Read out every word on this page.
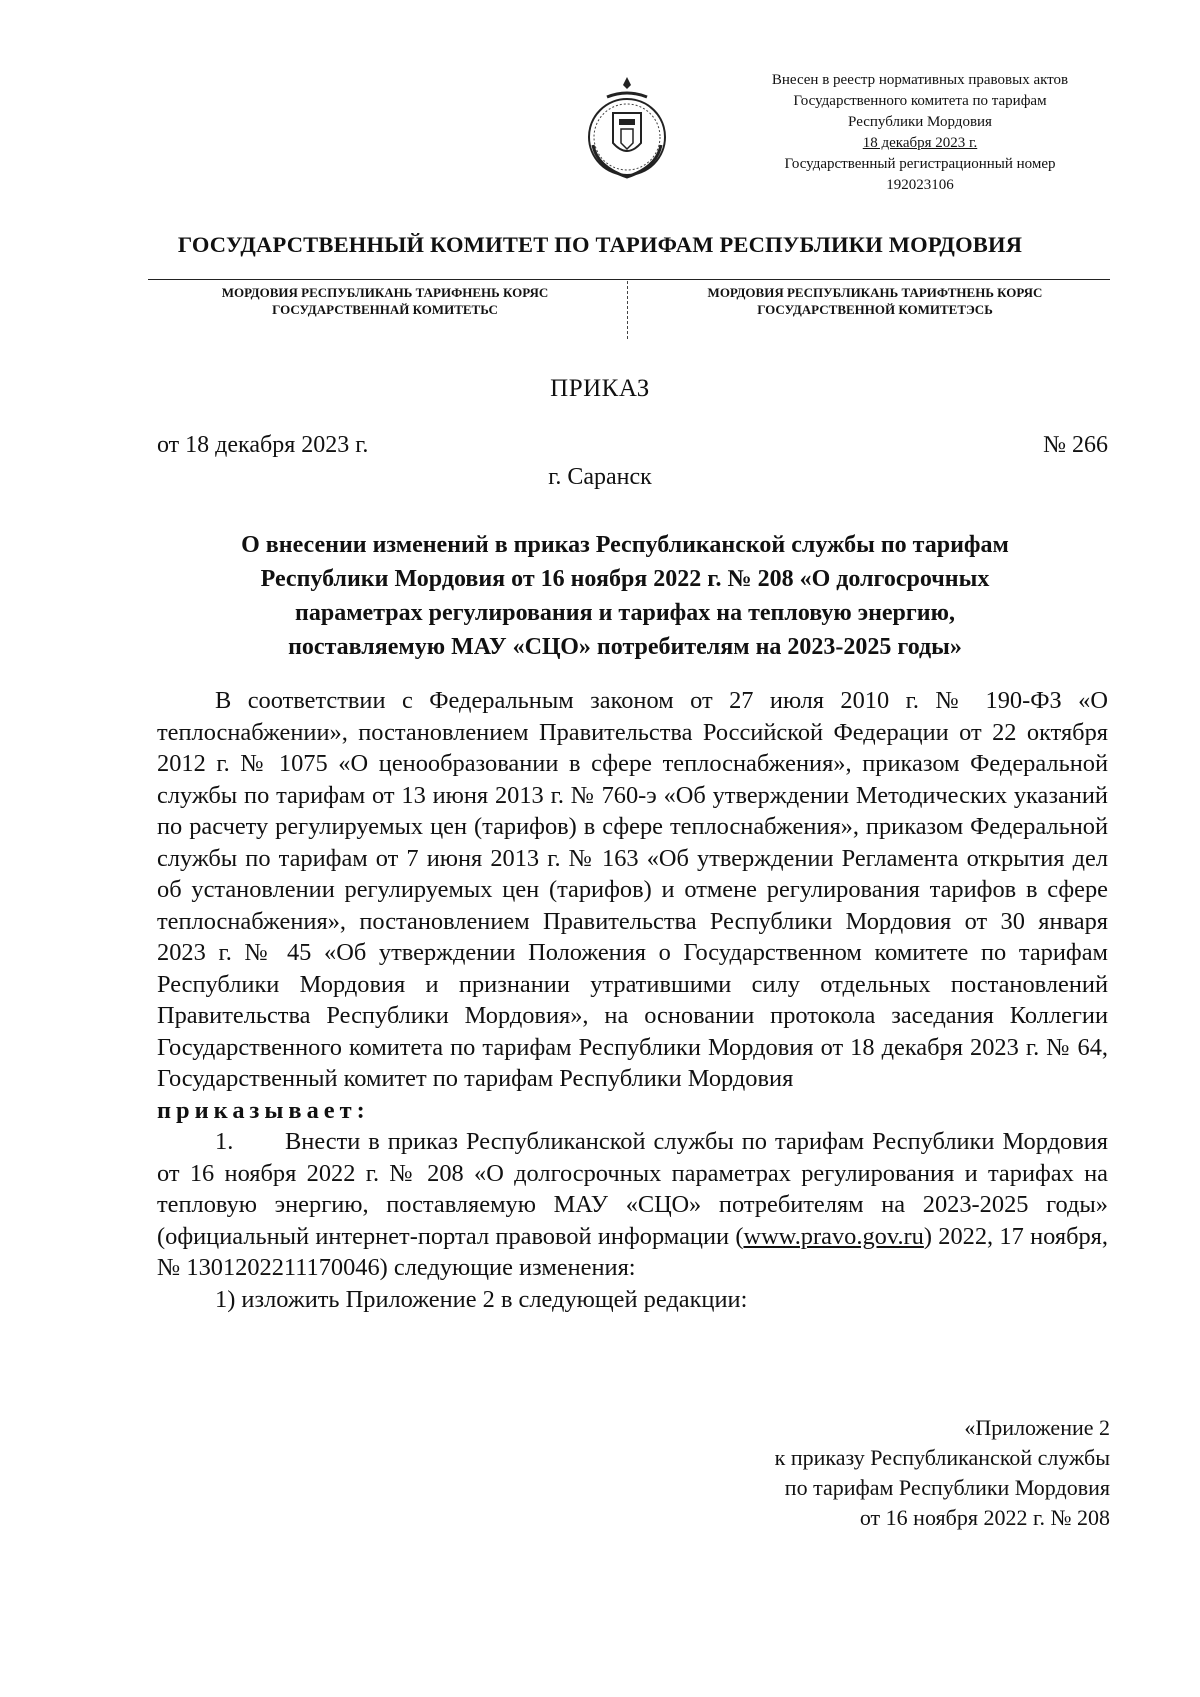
Внесен в реестр нормативных правовых актов
Государственного комитета по тарифам
Республики Мордовия
18 декабря 2023 г.
Государственный регистрационный номер
192023106
ГОСУДАРСТВЕННЫЙ КОМИТЕТ ПО ТАРИФАМ РЕСПУБЛИКИ МОРДОВИЯ
МОРДОВИЯ РЕСПУБЛИКАНЬ ТАРИФНЕНЬ КОРЯС
ГОСУДАРСТВЕННАЙ КОМИТЕТЬС
МОРДОВИЯ РЕСПУБЛИКАНЬ ТАРИФТНЕНЬ КОРЯС
ГОСУДАРСТВЕННОЙ КОМИТЕТЭСЬ
ПРИКАЗ
от 18 декабря 2023 г.	№ 266
г. Саранск
О внесении изменений в приказ Республиканской службы по тарифам
Республики Мордовия от 16 ноября 2022 г. № 208 «О долгосрочных
параметрах регулирования и тарифах на тепловую энергию,
поставляемую МАУ «СЦО» потребителям на 2023-2025 годы»

В соответствии с Федеральным законом от 27 июля 2010 г. № 190-ФЗ «О теплоснабжении», постановлением Правительства Российской Федерации от 22 октября 2012 г. № 1075 «О ценообразовании в сфере теплоснабжения», приказом Федеральной службы по тарифам от 13 июня 2013 г. № 760-э «Об утверждении Методических указаний по расчету регулируемых цен (тарифов) в сфере теплоснабжения», приказом Федеральной службы по тарифам от 7 июня 2013 г. № 163 «Об утверждении Регламента открытия дел об установлении регулируемых цен (тарифов) и отмене регулирования тарифов в сфере теплоснабжения», постановлением Правительства Республики Мордовия от 30 января 2023 г. № 45 «Об утверждении Положения о Государственном комитете по тарифам Республики Мордовия и признании утратившими силу отдельных постановлений Правительства Республики Мордовия», на основании протокола заседания Коллегии Государственного комитета по тарифам Республики Мордовия от 18 декабря 2023 г. № 64, Государственный комитет по тарифам Республики Мордовия

приказывает:

1. Внести в приказ Республиканской службы по тарифам Республики Мордовия от 16 ноября 2022 г. № 208 «О долгосрочных параметрах регулирования и тарифах на тепловую энергию, поставляемую МАУ «СЦО» потребителям на 2023-2025 годы» (официальный интернет-портал правовой информации (www.pravo.gov.ru) 2022, 17 ноября, № 1301202211170046) следующие изменения:

1) изложить Приложение 2 в следующей редакции:

«Приложение 2
к приказу Республиканской службы
по тарифам Республики Мордовия
от 16 ноября 2022 г. № 208
